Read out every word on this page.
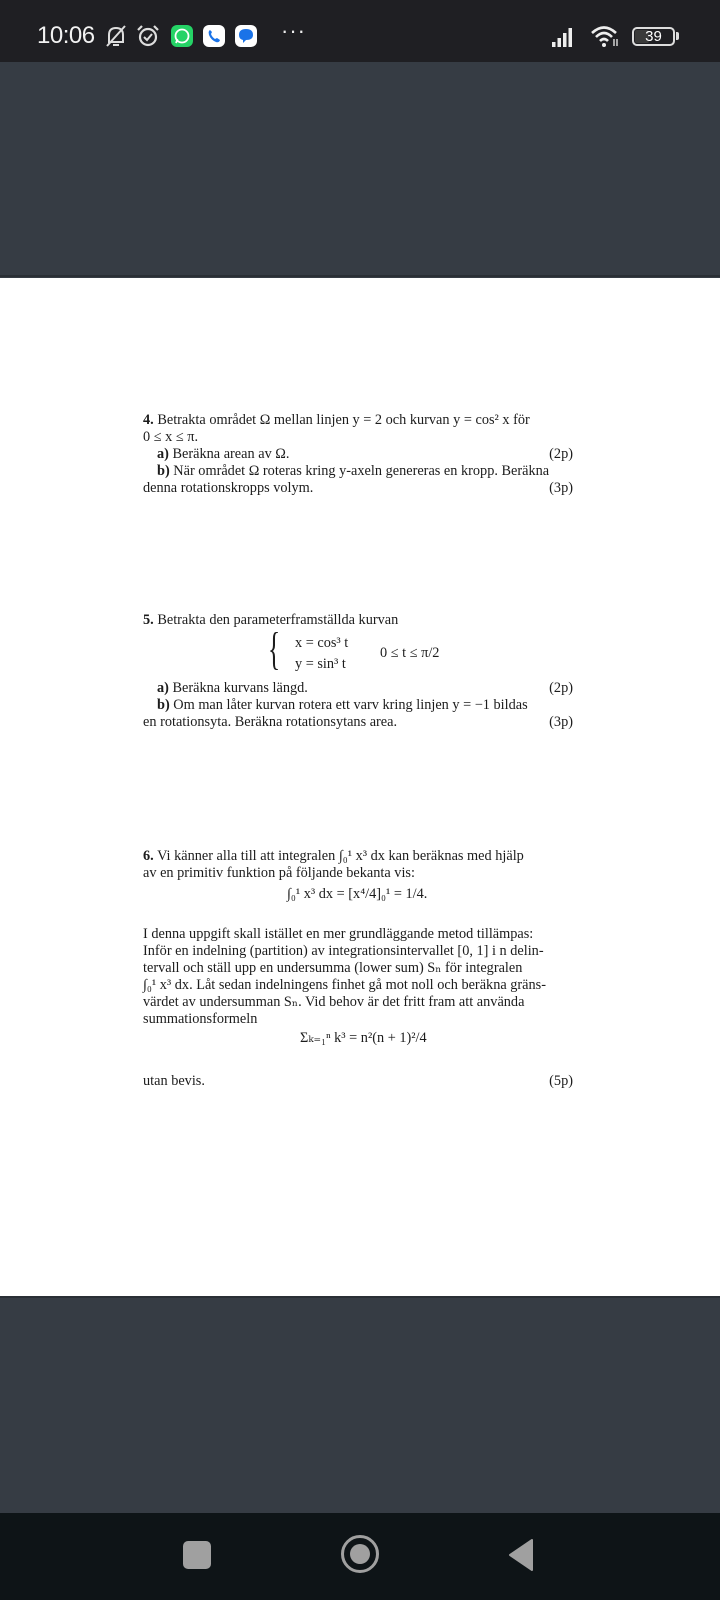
10:06	···	39
4. Betrakta området Ω mellan linjen y = 2 och kurvan y = cos² x för
0 ≤ x ≤ π.
a) Beräkna arean av Ω.	(2p)
b) När området Ω roteras kring y-axeln genereras en kropp. Beräkna
denna rotationskropps volym.	(3p)
5. Betrakta den parameterframställda kurvan
{ x = cos³ t
y = sin³ t
0 ≤ t ≤ π/2
a) Beräkna kurvans längd.	(2p)
b) Om man låter kurvan rotera ett varv kring linjen y = −1 bildas
en rotationsyta. Beräkna rotationsytans area.	(3p)
6. Vi känner alla till att integralen ∫₀¹ x³ dx kan beräknas med hjälp
av en primitiv funktion på följande bekanta vis:
∫₀¹ x³ dx = [x⁴/4]₀¹ = 1/4.
I denna uppgift skall istället en mer grundläggande metod tillämpas:
Inför en indelning (partition) av integrationsintervallet [0, 1] i n delin-
tervall och ställ upp en undersumma (lower sum) Sₙ för integralen
∫₀¹ x³ dx. Låt sedan indelningens finhet gå mot noll och beräkna gräns-
värdet av undersumman Sₙ. Vid behov är det fritt fram att använda
summationsformeln
Σₖ₌₁ⁿ k³ = n²(n + 1)²/4
utan bevis.	(5p)
